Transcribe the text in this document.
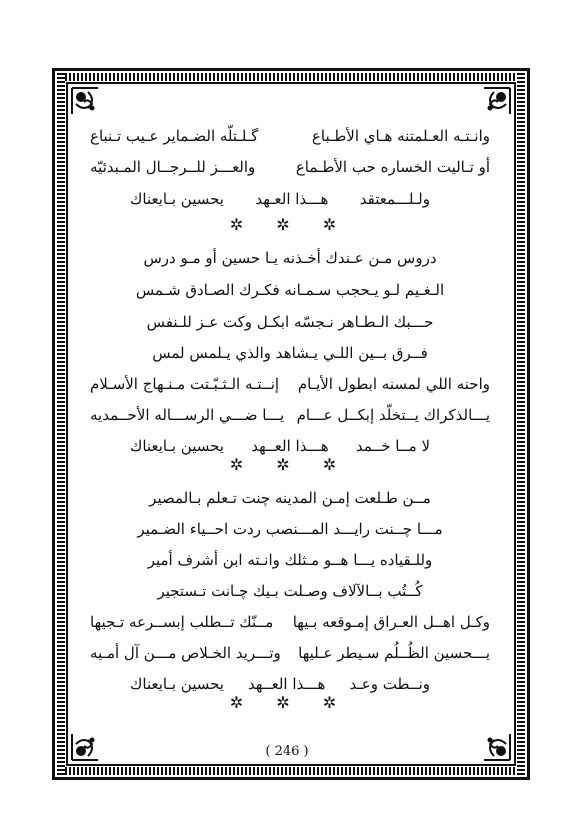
وانـتـه العـلمتنه هـاي الأطـباع
گـلـتلّه الضـماير عـيب تـنباع
أو تـاليت الخساره حب الأطـماع
والعـــز للــرجــال المـبدئيّه
ولـلـــمعتقد
هـــذا العـهد
يحسين بـايعناك
✲ ✲ ✲
دروس مـن عـندك أخـذنه يـا حسين أو مـو درس
الـغـيم لـو يـحجب سـمـانه فكـرك الصـادق شـمس
حـــبك الـطـاهر نـجسّه ابكـل وكت عـز للـنفس
فــرق بــين اللـي يـشاهد والذي يـلمس لمس
واحنه اللي لمسنه ابطول الأيـام
إنــتـه الـثـبّـتت مـنـهاج الأسـلام
يـــالذكراك يــتخلّد إبكــل عـــام
يـــا ضـــي الرســـاله الأحــمديه
لا مــا خــمد
هـــذا العــهد
يحسين بـايعناك
✲ ✲ ✲
مــن طـلعت إمـن المدينه چنت تـعلم بـالمصير
مـــا چــنت رايـــد المـــنصب ردت احــياء الضـمير
وللـقياده يـــا هــو مـثلك وانـته ابن أشرف أمير
كُــتُب بــالآلاف وصـلت بـيك چـانت تـستجير
وكـل اهــل العـراق إمـوقعه بـيها
مــنّك تــطلب إبســرعه تـجيها
يـــحسين الظُــلُم سـيطر عـليها
وتـــريد الخـلاص مـــن آل أمـيه
ونــطت وعـد
هـــذا العــهد
يحسين بـايعناك
✲ ✲ ✲
( 246 )
